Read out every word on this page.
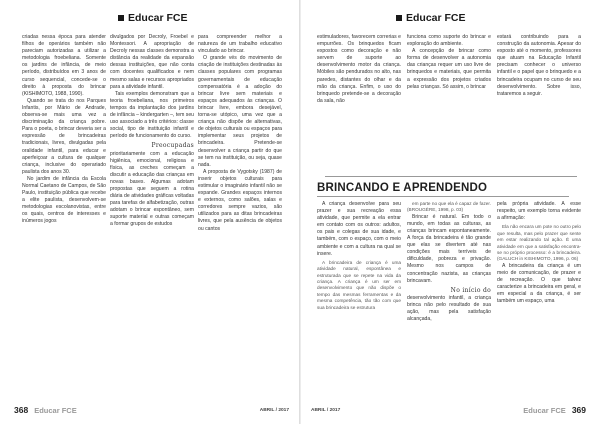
Educar FCE

criadas nessa época para atender filhos de operários também não pareciam autorizadas a utilizar a metodologia froebeliana. Somente os jardins de infância, de meio período, distribuídos em 3 anos de curso sequencial, concede-se o direito à proposta do brincar (KISHIMOTO, 1988, 1990).

Quando se trata do nos Parques Infantis, por Mário de Andrade, observa-se mais uma vez a discriminação da criança pobre. Para o poeta, o brincar deveria ser a expressão de brincadeiras tradicionais, livres, divulgadas pela oralidade infantil, para educar e aperfeiçoar a cultura de qualquer criança, inclusive do operariado paulista dos anos 30.

No jardim de infância da Escola Normal Caetano de Campos, de São Paulo, instituição pública que recebe a elite paulista, desenvolvem-se metodologias escolanovistas, entre os quais, centros de interesses e inúmeros jogos

divulgados por Decroly, Froebel e Montessori. A apropriação de Decroly nessas classes demonstra a distância da realidade da expansão dessas instituições, que não conta com docentes qualificados e nem mesmo salas e recursos apropriados para a atividade infantil.

Tais exemplos demonstram que a teoria froebeliana, nos primeiros tempos da implantação dos jardins de infância – kindergarten –, tem seu uso associado a três critérios: classe social, tipo de instituição infantil e período de funcionamento do curso.

Preocupadas

prioritariamente com a educação higiênica, emocional, religiosa e física, as creches começam a discutir a educação das crianças em novas bases. Algumas adotam propostas que seguem a rotina diária de atividades gráficas voltadas para tarefas de alfabetização, outras adotam o brincar espontâneo, sem suporte material e outras começam a formar grupos de estudos

para compreender melhor a natureza de um trabalho educativo vinculado ao brincar.

O grande vés do movimento de criação de instituições destinadas às classes populares com programas governamentais de educação compensatória é a adoção do brincar livre sem materiais e espaços adequados às crianças. O brincar livre, embora desejável, torna-se utópico, uma vez que a criança não dispõe de alternativas, de objetos culturais ou espaços para implementar seus projetos de brincadeira. Pretende-se desenvolver a criança partir do que se tem na instituição, ou seja, quase nada.

A proposta de Vygotsky (1987) de inserir objetos culturais para estimular o imaginário infantil não se expande. Grandes espaços internos e externos, como salões, salas e corredores sempre vazios, são utilizados para as ditas brincadeiras livres, que pela ausência de objetos ou cantos

368 Educar FCE	ABRIL / 2017
Educar FCE

estimuladores, favorecem correrias e empurrões. Os brinquedos ficam expostos como decoração e não servem de suporte ao desenvolvimento motor da criança. Móbiles são pendurados no alto, nas paredes, distantes do olhar e da mão da criança. Enfim, o uso do brinquedo pretende-se a decoração da sala, não

funciona como suporte do brincar e exploração do ambiente.

A concepção de brincar como forma de desenvolver a autonomia das crianças requer um uso livre de brinquedos e materiais, que permita a expressão dos projetos criados pelas crianças. Só assim, o brincar

estará contribuindo para a construção da autonomia. Apesar do exposto até o momento, professores que atuam na Educação Infantil precisam conhecer o universo infantil e o papel que o brinquedo e a brincadeira ocupam no curso de seu desenvolvimento. Sobre isso, trataremos a seguir.

BRINCANDO E APRENDENDO

A criança desenvolve para seu prazer e sua recreação essa atividade, que permite a ela entrar em contato com os outros: adultos, os pais e colegas de sua idade, e também, com o espaço, com o meio ambiente e com a cultura na qual se insere.

A brincadeira de criança é uma atividade natural, espontânea e estruturada que se repete na vida da criança. A criança é um ser em desenvolvimento que não dispõe o tempo das mesmas ferramentas e da mesma competência, tão tão com que sua brincadeira se estrutura

em parte no que ela é capaz de fazer. (BROUGÈRE, 1998, p. 03)

Brincar é natural. Em todo o mundo, em todas as culturas, as crianças brincam espontaneamente. A força da brincadeira é tão grande que elas se divertem até nas condições mais terríveis de dificuldade, pobreza e privação. Mesmo nos campos de concentração nazista, as crianças brincavam.

No início do

desenvolvimento infantil, a criança brinca não pelo resultado de sua ação, mas pela satisfação alcançada,

pela própria atividade. A esse respeito, um exemplo torna evidente a afirmação:

Ela não encara um pote no outro pelo que resulta, mas pelo prazer que sente em estar realizando tal ação. É uma atividade em que a satisfação encontra-se no próprio processo: é a brincadeira. (GALUCH in KISHIMOTO, 1996, p. 06)

A brincadeira da criança é um meio de comunicação, de prazer e de recreação. O que talvez caracterize a brincadeira em geral, e em especial a da criança, é ser também um espaço, uma

ABRIL / 2017	Educar FCE 369
